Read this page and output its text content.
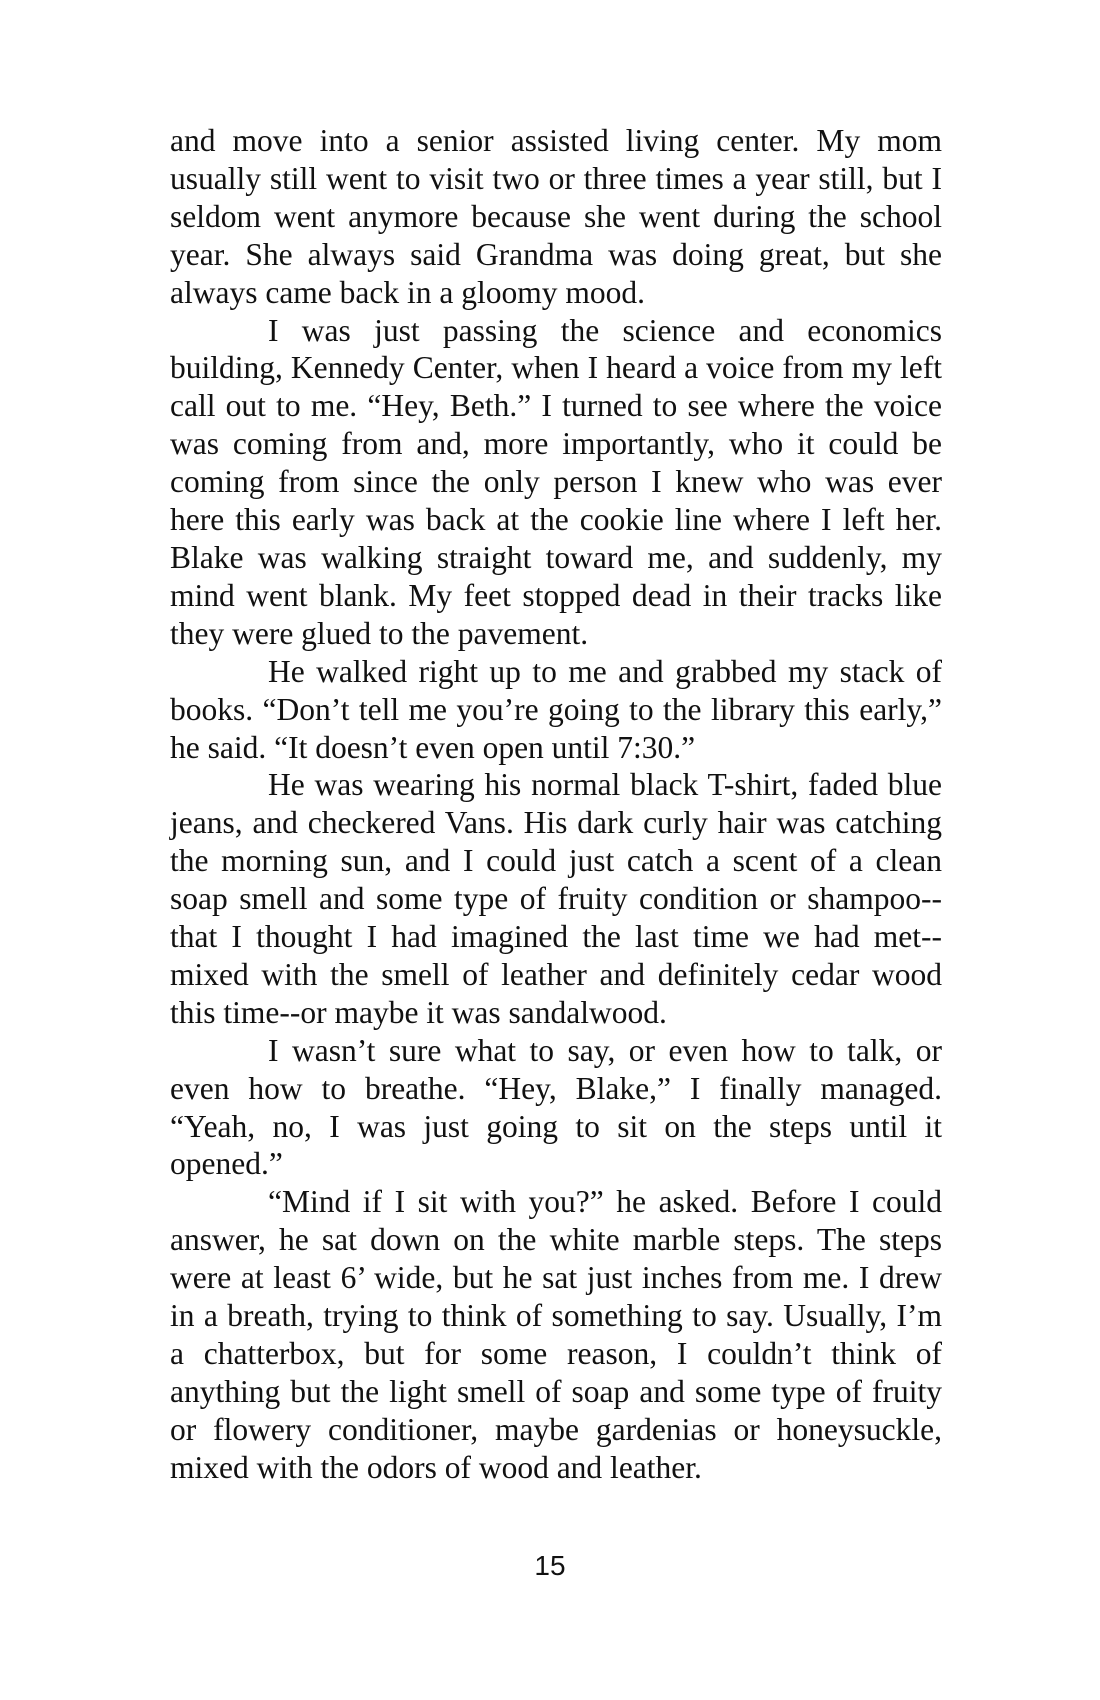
and move into a senior assisted living center. My mom usually still went to visit two or three times a year still, but I seldom went anymore because she went during the school year. She always said Grandma was doing great, but she always came back in a gloomy mood.

I was just passing the science and economics building, Kennedy Center, when I heard a voice from my left call out to me. “Hey, Beth.” I turned to see where the voice was coming from and, more importantly, who it could be coming from since the only person I knew who was ever here this early was back at the cookie line where I left her. Blake was walking straight toward me, and suddenly, my mind went blank. My feet stopped dead in their tracks like they were glued to the pavement.

He walked right up to me and grabbed my stack of books. “Don’t tell me you’re going to the library this early,” he said. “It doesn’t even open until 7:30.”

He was wearing his normal black T-shirt, faded blue jeans, and checkered Vans. His dark curly hair was catching the morning sun, and I could just catch a scent of a clean soap smell and some type of fruity condition or shampoo--that I thought I had imagined the last time we had met--mixed with the smell of leather and definitely cedar wood this time--or maybe it was sandalwood.

I wasn’t sure what to say, or even how to talk, or even how to breathe. “Hey, Blake,” I finally managed. “Yeah, no, I was just going to sit on the steps until it opened.”

“Mind if I sit with you?” he asked. Before I could answer, he sat down on the white marble steps. The steps were at least 6’ wide, but he sat just inches from me. I drew in a breath, trying to think of something to say. Usually, I’m a chatterbox, but for some reason, I couldn’t think of anything but the light smell of soap and some type of fruity or flowery conditioner, maybe gardenias or honeysuckle, mixed with the odors of wood and leather.

15
